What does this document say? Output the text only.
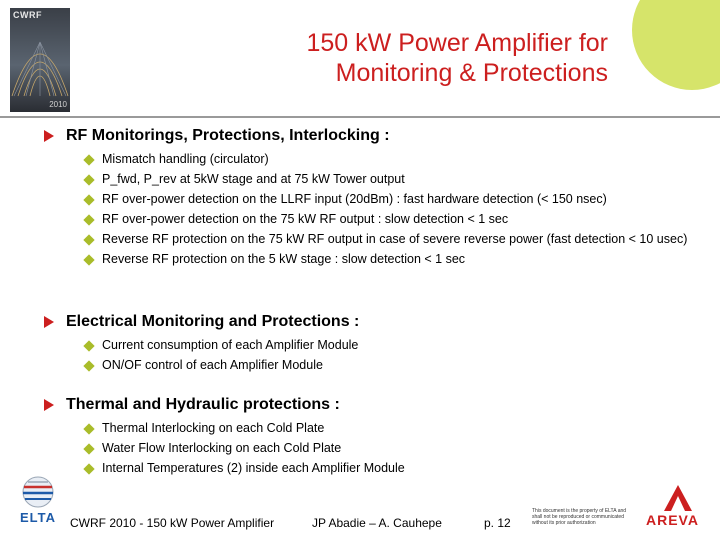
CWRF
2010
150 kW Power Amplifier for
Monitoring & Protections
RF Monitorings, Protections, Interlocking :
Mismatch handling (circulator)
P_fwd, P_rev at 5kW stage and at 75 kW Tower output
RF over-power detection on the LLRF input (20dBm) : fast hardware detection (< 150 nsec)
RF over-power detection on the 75 kW RF output : slow detection < 1 sec
Reverse RF protection on the 75 kW RF output in case of severe reverse power (fast detection < 10 usec)
Reverse RF protection on the 5 kW stage : slow detection < 1 sec
Electrical Monitoring and Protections :
Current consumption of each Amplifier Module
ON/OF control of each Amplifier Module
Thermal and Hydraulic protections :
Thermal Interlocking on each Cold Plate
Water Flow Interlocking on each Cold Plate
Internal Temperatures (2) inside each Amplifier Module
ELTA CWRF 2010 - 150 kW Power Amplifier	JP Abadie – A. Cauhepe	p. 12
This document is the property of ELTA and shall not be reproduced or communicated without its prior authorization	AREVA
